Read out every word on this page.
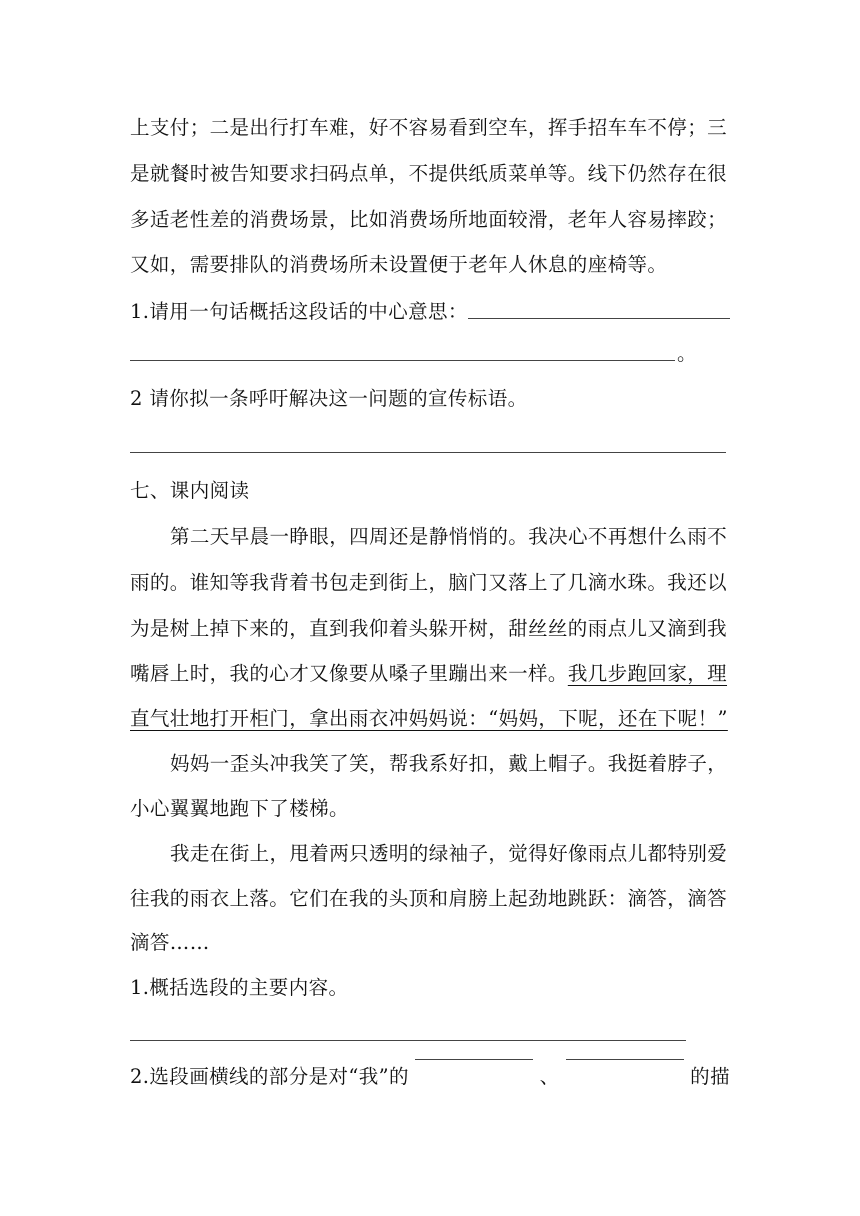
上支付；二是出行打车难，好不容易看到空车，挥手招车车不停；三
是就餐时被告知要求扫码点单，不提供纸质菜单等。线下仍然存在很
多适老性差的消费场景，比如消费场所地面较滑，老年人容易摔跤；
又如，需要排队的消费场所未设置便于老年人休息的座椅等。
1.请用一句话概括这段话的中心意思：
。
2 请你拟一条呼吁解决这一问题的宣传标语。
七、课内阅读
第二天早晨一睁眼，四周还是静悄悄的。我决心不再想什么雨不
雨的。谁知等我背着书包走到街上，脑门又落上了几滴水珠。我还以
为是树上掉下来的，直到我仰着头躲开树，甜丝丝的雨点儿又滴到我
嘴唇上时，我的心才又像要从嗓子里蹦出来一样。我几步跑回家，理
直气壮地打开柜门，拿出雨衣冲妈妈说：“妈妈，下呢，还在下呢！”
妈妈一歪头冲我笑了笑，帮我系好扣，戴上帽子。我挺着脖子，
小心翼翼地跑下了楼梯。
我走在街上，甩着两只透明的绿袖子，觉得好像雨点儿都特别爱
往我的雨衣上落。它们在我的头顶和肩膀上起劲地跳跃：滴答，滴答
滴答……
1.概括选段的主要内容。
2.选段画横线的部分是对“我”的	、	的描
